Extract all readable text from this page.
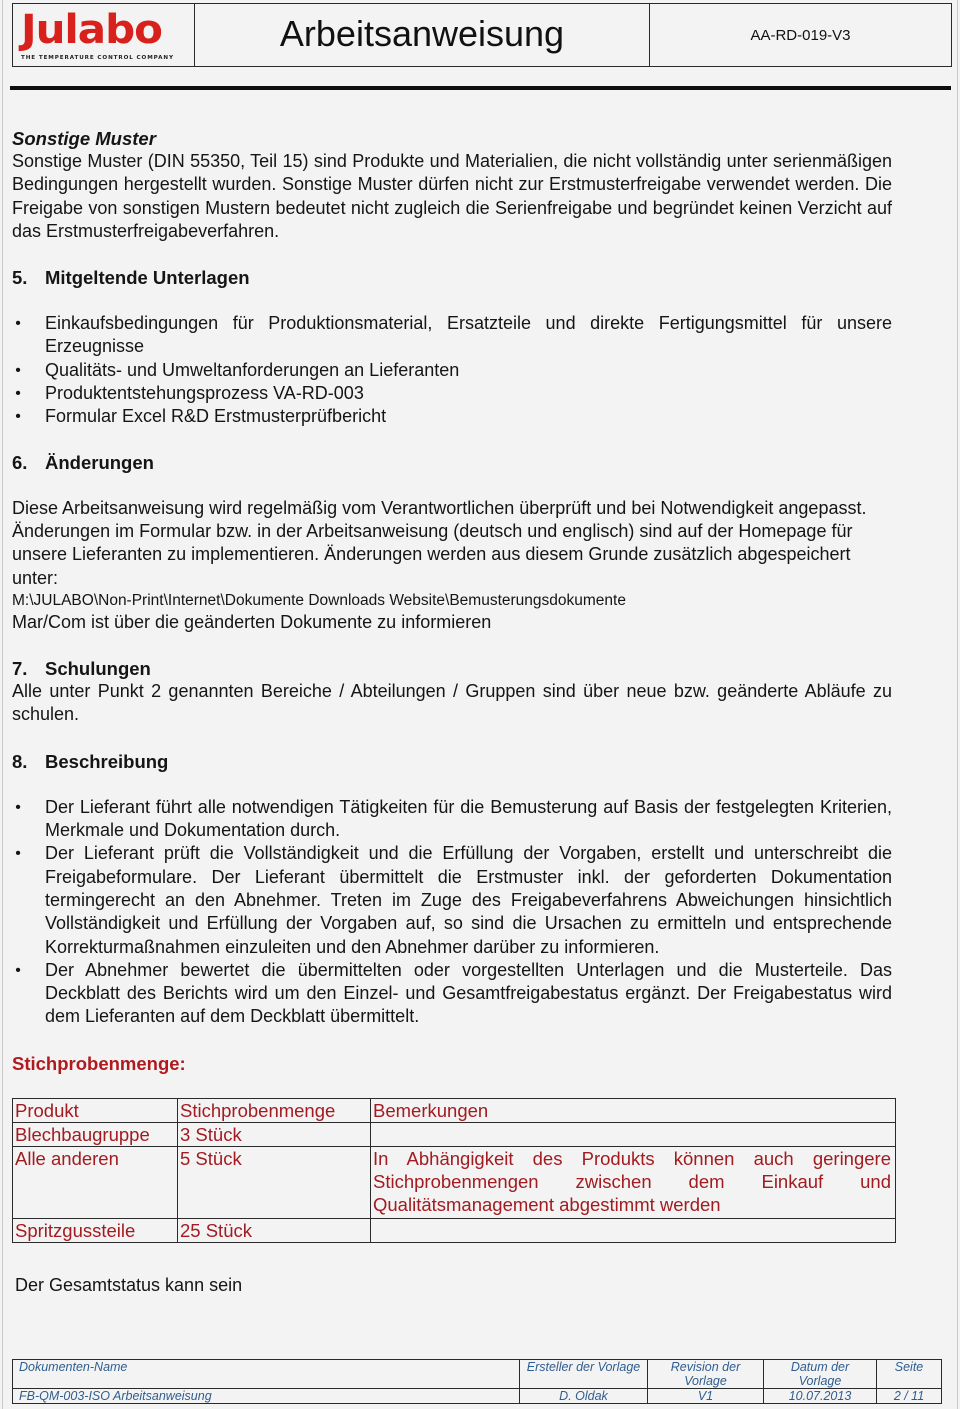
Julabo
THE TEMPERATURE CONTROL COMPANY
Arbeitsanweisung	AA-RD-019-V3
Sonstige Muster

Sonstige Muster (DIN 55350, Teil 15) sind Produkte und Materialien, die nicht vollständig unter serienmäßigen Bedingungen hergestellt wurden. Sonstige Muster dürfen nicht zur Erstmusterfreigabe verwendet werden. Die Freigabe von sonstigen Mustern bedeutet nicht zugleich die Serienfreigabe und begründet keinen Verzicht auf das Erstmusterfreigabeverfahren.

5. Mitgeltende Unterlagen
• Einkaufsbedingungen für Produktionsmaterial, Ersatzteile und direkte Fertigungsmittel für unsere Erzeugnisse
• Qualitäts- und Umweltanforderungen an Lieferanten
• Produktentstehungsprozess VA-RD-003
• Formular Excel R&D Erstmusterprüfbericht
6. Änderungen

Diese Arbeitsanweisung wird regelmäßig vom Verantwortlichen überprüft und bei Notwendigkeit angepasst. Änderungen im Formular bzw. in der Arbeitsanweisung (deutsch und englisch) sind auf der Homepage für unsere Lieferanten zu implementieren. Änderungen werden aus diesem Grunde zusätzlich abgespeichert unter:

M:\JULABO\Non-Print\Internet\Dokumente Downloads Website\Bemusterungsdokumente

Mar/Com ist über die geänderten Dokumente zu informieren

7. Schulungen

Alle unter Punkt 2 genannten Bereiche / Abteilungen / Gruppen sind über neue bzw. geänderte Abläufe zu schulen.

8. Beschreibung
• Der Lieferant führt alle notwendigen Tätigkeiten für die Bemusterung auf Basis der festgelegten Kriterien, Merkmale und Dokumentation durch.
• Der Lieferant prüft die Vollständigkeit und die Erfüllung der Vorgaben, erstellt und unterschreibt die Freigabeformulare. Der Lieferant übermittelt die Erstmuster inkl. der geforderten Dokumentation termingerecht an den Abnehmer. Treten im Zuge des Freigabeverfahrens Abweichungen hinsichtlich Vollständigkeit und Erfüllung der Vorgaben auf, so sind die Ursachen zu ermitteln und entsprechende Korrekturmaßnahmen einzuleiten und den Abnehmer darüber zu informieren.
• Der Abnehmer bewertet die übermittelten oder vorgestellten Unterlagen und die Musterteile. Das Deckblatt des Berichts wird um den Einzel- und Gesamtfreigabestatus ergänzt. Der Freigabestatus wird dem Lieferanten auf dem Deckblatt übermittelt.
Stichprobenmenge:
Produkt	Stichprobenmenge	Bemerkungen
Blechbaugruppe	3 Stück	
Alle anderen	5 Stück	In Abhängigkeit des Produkts können auch geringere Stichprobenmengen zwischen dem Einkauf und Qualitätsmanagement abgestimmt werden
Spritzgussteile	25 Stück	

Der Gesamtstatus kann sein

Dokumenten-Name	Ersteller der Vorlage	Revision der Vorlage	Datum der Vorlage	Seite
FB-QM-003-ISO Arbeitsanweisung	D. Oldak	V1	10.07.2013	2 / 11
